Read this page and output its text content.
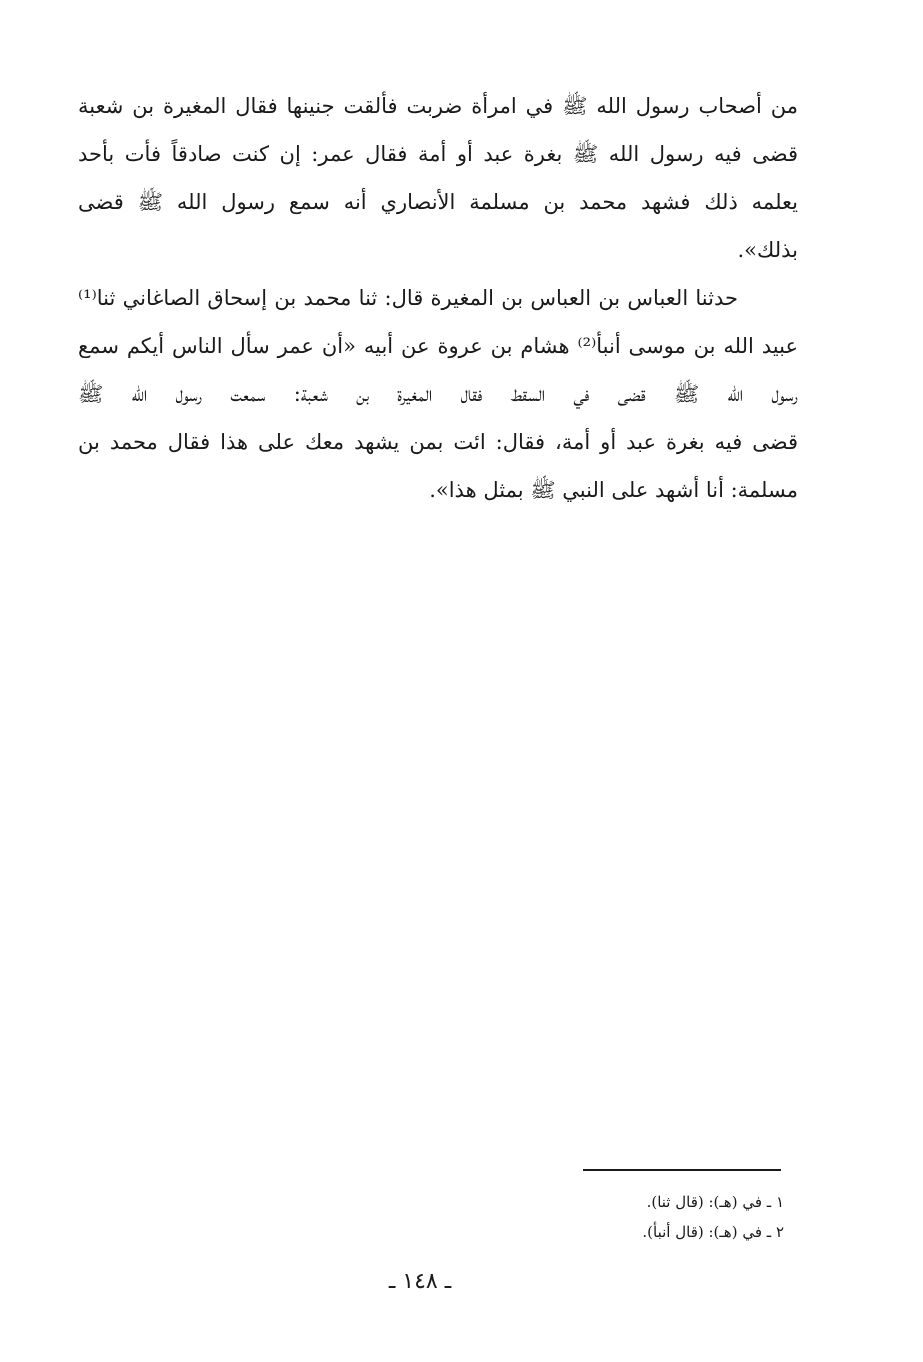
من أصحاب رسول الله ﷺ في امرأة ضربت فألقت جنينها فقال المغيرة بن شعبة
قضى فيه رسول الله ﷺ بغرة عبد أو أمة فقال عمر: إن كنت صادقاً فأت بأحد
يعلمه ذلك فشهد محمد بن مسلمة الأنصاري أنه سمع رسول الله ﷺ قضى
بذلك».
حدثنا العباس بن العباس بن المغيرة قال: ثنا محمد بن إسحاق الصاغاني ثنا⁽¹⁾
عبيد الله بن موسى أنبأ⁽²⁾ هشام بن عروة عن أبيه «أن عمر سأل الناس أيكم سمع
رسول الله ﷺ قضى في السقط فقال المغيرة بن شعبة: سمعت رسول الله ﷺ
قضى فيه بغرة عبد أو أمة، فقال: ائت بمن يشهد معك على هذا فقال محمد بن
مسلمة: أنا أشهد على النبي ﷺ بمثل هذا».
١ ـ في (هـ): (قال ثنا).
٢ ـ في (هـ): (قال أنبأ).
ـ ١٤٨ ـ
